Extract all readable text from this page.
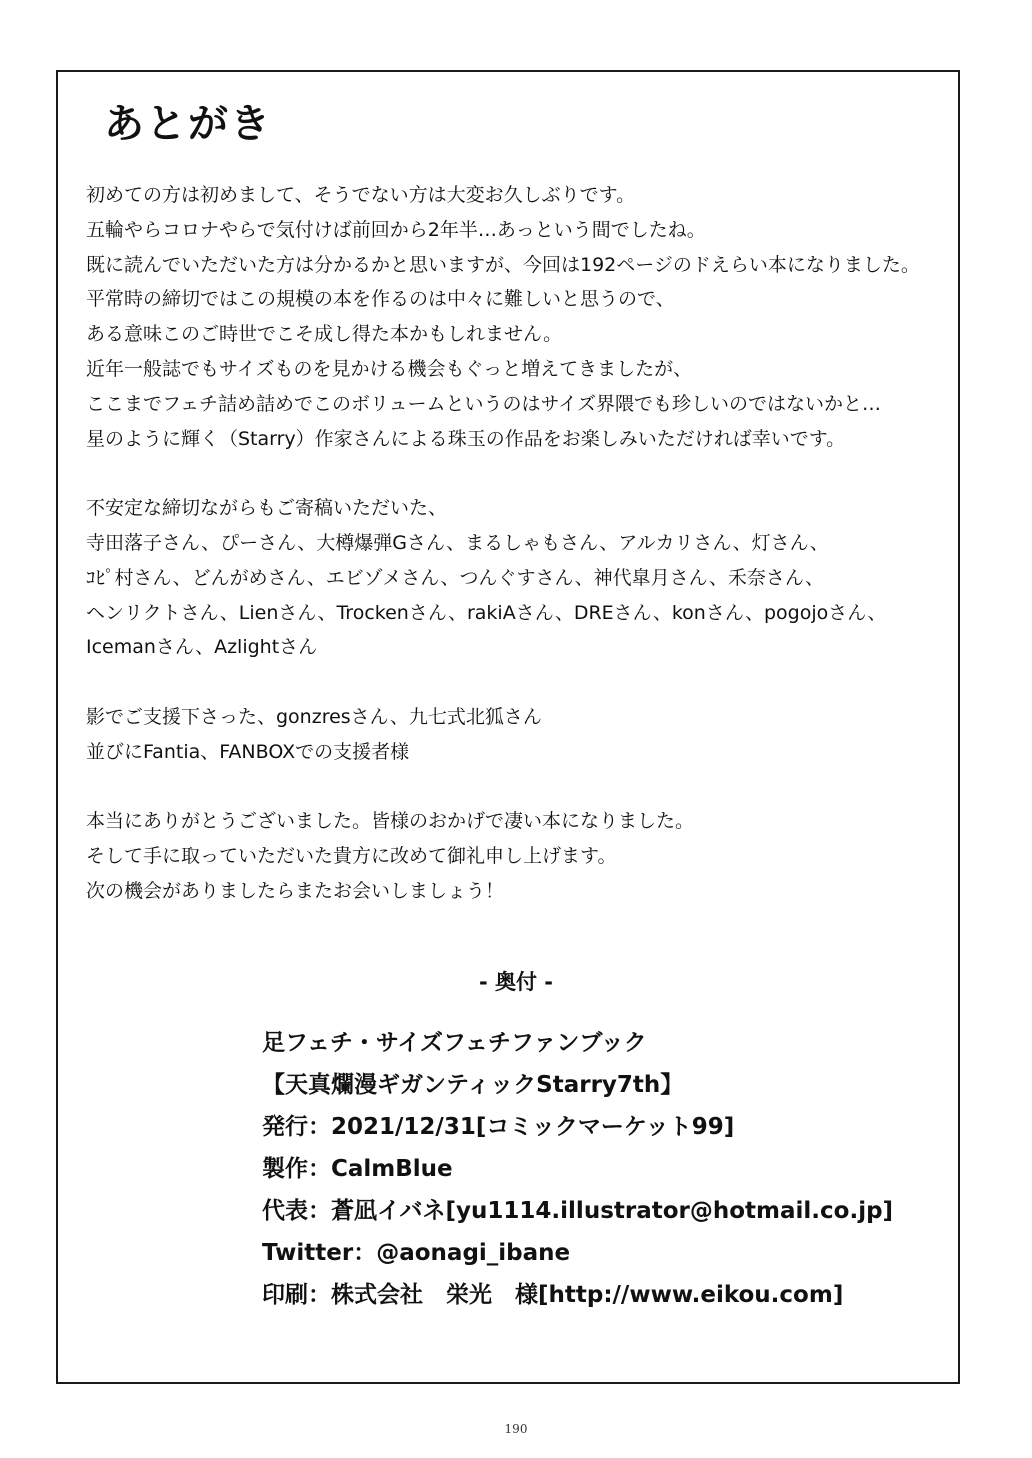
あとがき
初めての方は初めまして、そうでない方は大変お久しぶりです。
五輪やらコロナやらで気付けば前回から2年半…あっという間でしたね。
既に読んでいただいた方は分かるかと思いますが、今回は192ページのドえらい本になりました。
平常時の締切ではこの規模の本を作るのは中々に難しいと思うので、
ある意味このご時世でこそ成し得た本かもしれません。
近年一般誌でもサイズものを見かける機会もぐっと増えてきましたが、
ここまでフェチ詰め詰めでこのボリュームというのはサイズ界隈でも珍しいのではないかと…
星のように輝く（Starry）作家さんによる珠玉の作品をお楽しみいただければ幸いです。
不安定な締切ながらもご寄稿いただいた、
寺田落子さん、ぴーさん、大樽爆弾Gさん、まるしゃもさん、アルカリさん、灯さん、
ｺﾋﾟ村さん、どんがめさん、エビゾメさん、つんぐすさん、神代皐月さん、禾奈さん、
ヘンリクトさん、Lienさん、Trockenさん、rakiAさん、DREさん、konさん、pogojoさん、
Icemanさん、Azlightさん
影でご支援下さった、gonzresさん、九七式北狐さん
並びにFantia、FANBOXでの支援者様
本当にありがとうございました。皆様のおかげで凄い本になりました。
そして手に取っていただいた貴方に改めて御礼申し上げます。
次の機会がありましたらまたお会いしましょう！
- 奥付 -
足フェチ・サイズフェチファンブック
【天真爛漫ギガンティックStarry7th】
発行：2021/12/31[コミックマーケット99]
製作：CalmBlue
代表：蒼凪イバネ[yu1114.illustrator@hotmail.co.jp]
Twitter：@aonagi_ibane
印刷：株式会社　栄光　様[http://www.eikou.com]
190
